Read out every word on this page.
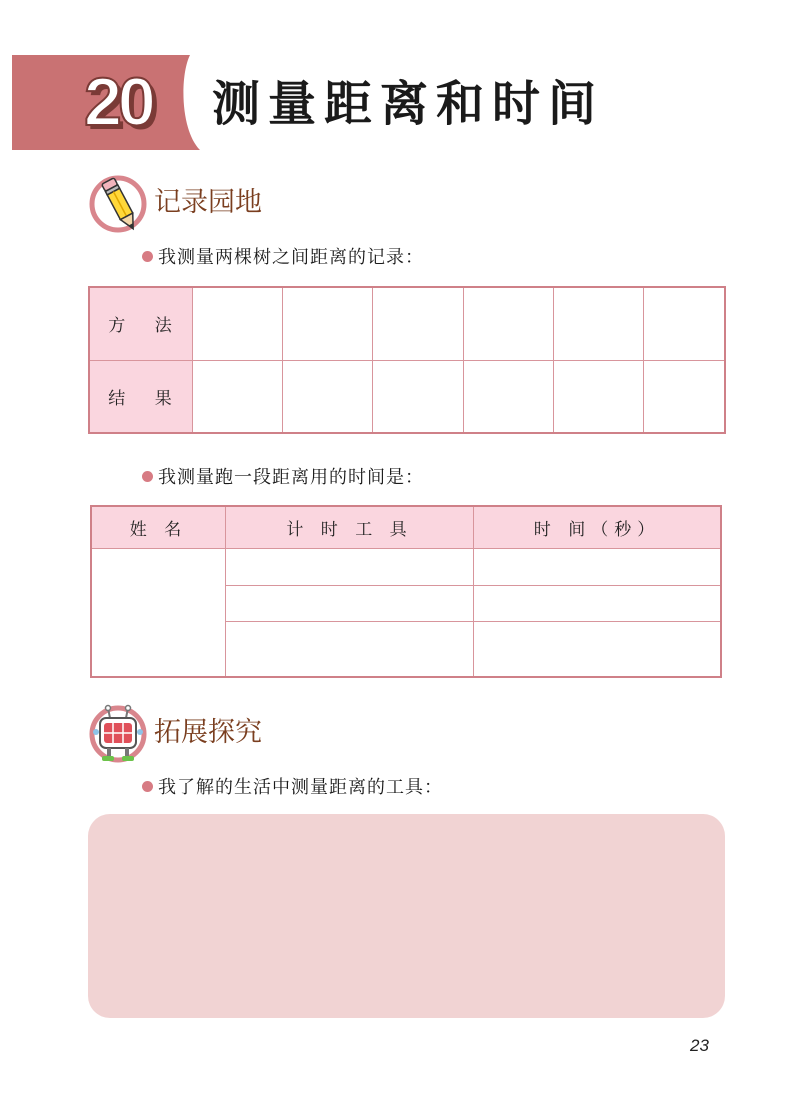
20 测量距离和时间
记录园地
我测量两棵树之间距离的记录：
方 法						
结 果						
我测量跑一段距离用的时间是：
姓 名	计 时 工 具	时 间（秒）

拓展探究
我了解的生活中测量距离的工具：
23
